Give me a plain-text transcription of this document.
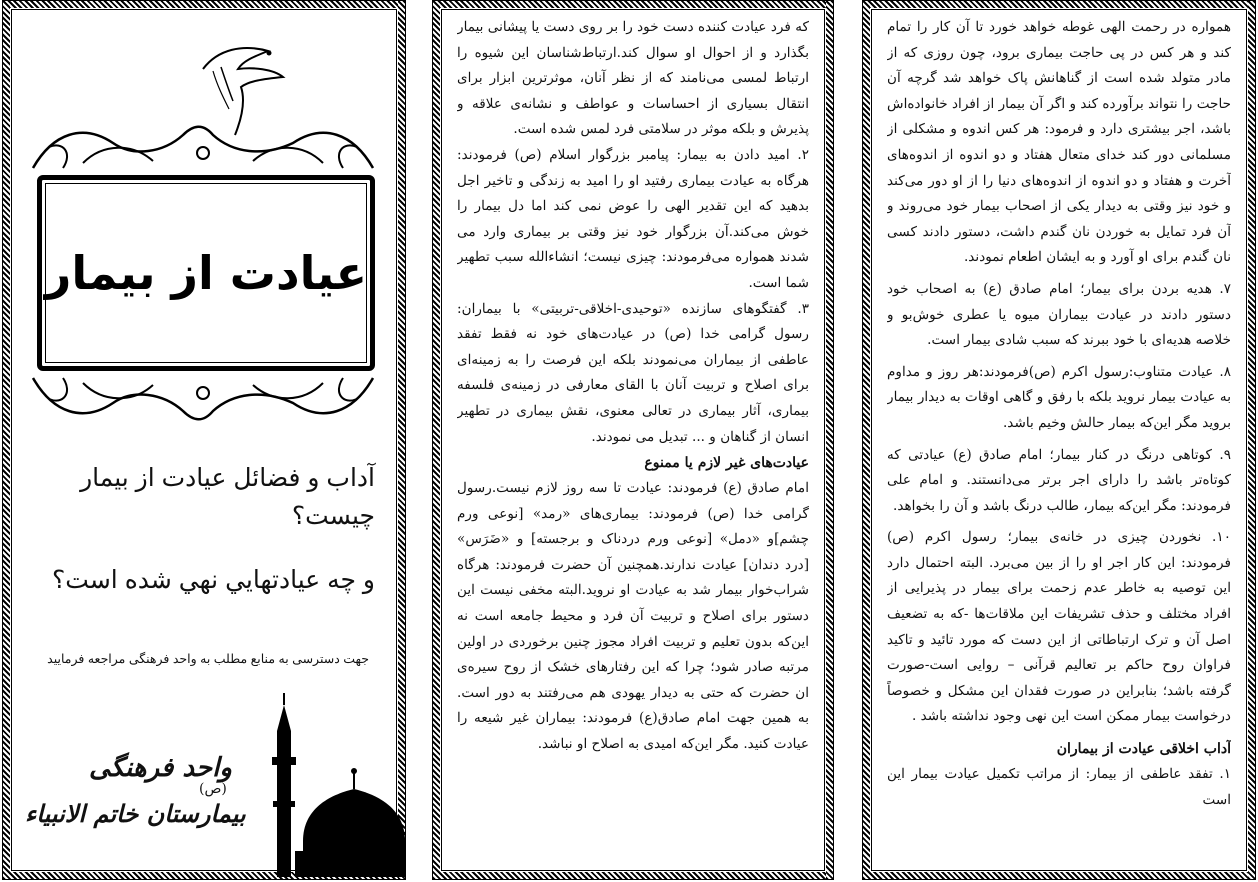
عیادت از بیمار
آداب و فضائل عيادت از بيمار چيست؟
و چه عيادتهايي نهي شده است؟
جهت دسترسی به منابع مطلب به واحد فرهنگی مراجعه فرمایید
واحد فرهنگی
(ص)
بیمارستان خاتم الانبیاء

که فرد عیادت کننده دست خود را بر روی دست یا پیشانی بیمار بگذارد و از احوال او سوال کند.ارتباط‌شناسان این شیوه را ارتباط لمسی می‌نامند که از نظر آنان، موثرترین ابزار برای انتقال بسیاری از احساسات و عواطف و نشانه‌ی علاقه و پذیرش و بلکه موثر در سلامتی فرد لمس شده است.

۲. امید دادن به بیمار: پیامبر بزرگوار اسلام (ص) فرمودند: هرگاه به عیادت بیماری رفتید او را امید به زندگی و تاخیر اجل بدهید که این تقدیر الهی را عوض نمی کند اما دل بیمار را خوش می‌کند.آن بزرگوار خود نیز وقتی بر بیماری وارد می شدند همواره می‌فرمودند: چیزی نیست؛ انشاءالله سبب تطهیر شما است.

۳. گفتگوهای سازنده «توحیدی-اخلاقی-تربیتی» با بیماران: رسول گرامی خدا (ص) در عیادت‌های خود نه فقط تفقد عاطفی از بیماران می‌نمودند بلکه این فرصت را به زمینه‌ای برای اصلاح و تربیت آنان با القای معارفی در زمینه‌ی فلسفه بیماری، آثار بیماری در تعالی معنوی، نقش بیماری در تطهیر انسان از گناهان و ... تبدیل می نمودند.

عیادت‌های غیر لازم یا ممنوع

امام صادق (ع) فرمودند: عیادت تا سه روز لازم نیست.رسول گرامی خدا (ص) فرمودند: بیماری‌های «رمد» [نوعی ورم چشم]و «دمل» [نوعی ورم دردناک و برجسته] و «ضَرَس» [درد دندان] عیادت ندارند.همچنین آن حضرت فرمودند: هرگاه شراب‌خوار بیمار شد به عیادت او نروید.البته مخفی نیست این دستور برای اصلاح و تربیت آن فرد و محیط جامعه است نه این‌که بدون تعلیم و تربیت افراد مجوز چنین برخوردی در اولین مرتبه صادر شود؛ چرا که این رفتارهای خشک از روح سیره‌ی ان حضرت که حتی به دیدار یهودی هم می‌رفتند به دور است. به همین جهت امام صادق(ع) فرمودند: بیماران غیر شیعه را عیادت کنید. مگر این‌که امیدی به اصلاح او نباشد.

همواره در رحمت الهی غوطه خواهد خورد تا آن کار را تمام کند و هر کس در پی حاجت بیماری برود، چون روزی که از مادر متولد شده است از گناهانش پاک خواهد شد گرچه آن حاجت را نتواند برآورده کند و اگر آن بیمار از افراد خانواده‌اش باشد، اجر بیشتری دارد و فرمود: هر کس اندوه و مشکلی از مسلمانی دور کند خدای متعال هفتاد و دو اندوه از اندوه‌های آخرت و هفتاد و دو اندوه از اندوه‌های دنیا را از او دور می‌کند و خود نیز وقتی به دیدار یکی از اصحاب بیمار خود می‌روند و آن فرد تمایل به خوردن نان گندم داشت، دستور دادند کسی نان گندم برای او آورد و به ایشان اطعام نمودند.

۷. هدیه بردن برای بیمار؛ امام صادق (ع) به اصحاب خود دستور دادند در عیادت بیماران میوه یا عطری خوش‌بو و خلاصه هدیه‌ای با خود ببرند که سبب شادی بیمار است.

۸. عیادت متناوب:رسول اکرم (ص)فرمودند:هر روز و مداوم به عیادت بیمار نروید بلکه با رفق و گاهی اوقات به دیدار بیمار بروید مگر این‌که بیمار حالش وخیم باشد.

۹. کوتاهی درنگ در کنار بیمار؛ امام صادق (ع) عیادتی که کوتاه‌تر باشد را دارای اجر برتر می‌دانستند. و امام علی فرمودند: مگر این‌که بیمار، طالب درنگ باشد و آن را بخواهد.

۱۰. نخوردن چیزی در خانه‌ی بیمار؛ رسول اکرم (ص) فرمودند: این کار اجر او را از بین می‌برد. البته احتمال دارد این توصیه به خاطر عدم زحمت برای بیمار در پذیرایی از افراد مختلف و حذف تشریفات این ملاقات‌ها -که به تضعیف اصل آن و ترک ارتباطاتی از این دست که مورد تائید و تاکید فراوان روح حاکم بر تعالیم قرآنی – روایی است-صورت گرفته باشد؛ بنابراین در صورت فقدان این مشکل و خصوصاً درخواست بیمار ممکن است این نهی وجود نداشته باشد .

آداب اخلاقی عیادت از بیماران

۱. تفقد عاطفی از بیمار: از مراتب تکمیل عیادت بیمار این است
